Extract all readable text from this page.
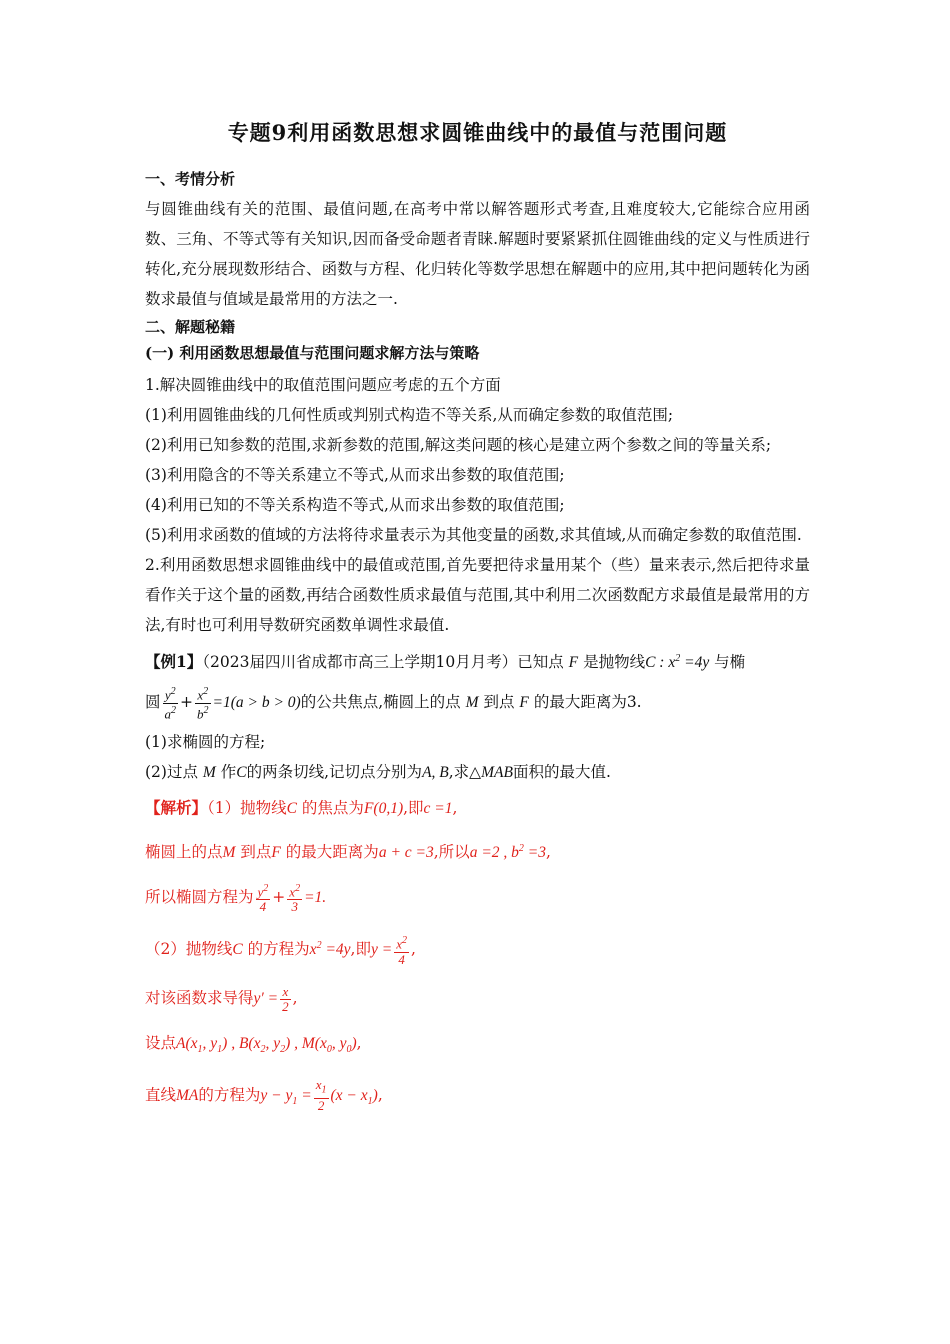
专题9利用函数思想求圆锥曲线中的最值与范围问题
一、考情分析

与圆锥曲线有关的范围、最值问题,在高考中常以解答题形式考查,且难度较大,它能综合应用函数、三角、不等式等有关知识,因而备受命题者青睐.解题时要紧紧抓住圆锥曲线的定义与性质进行转化,充分展现数形结合、函数与方程、化归转化等数学思想在解题中的应用,其中把问题转化为函数求最值与值域是最常用的方法之一.

二、解题秘籍
(一) 利用函数思想最值与范围问题求解方法与策略

1.解决圆锥曲线中的取值范围问题应考虑的五个方面

(1)利用圆锥曲线的几何性质或判别式构造不等关系,从而确定参数的取值范围;

(2)利用已知参数的范围,求新参数的范围,解这类问题的核心是建立两个参数之间的等量关系;

(3)利用隐含的不等关系建立不等式,从而求出参数的取值范围;

(4)利用已知的不等关系构造不等式,从而求出参数的取值范围;

(5)利用求函数的值域的方法将待求量表示为其他变量的函数,求其值域,从而确定参数的取值范围.

2.利用函数思想求圆锥曲线中的最值或范围,首先要把待求量用某个（些）量来表示,然后把待求量看作关于这个量的函数,再结合函数性质求最值与范围,其中利用二次函数配方求最值是最常用的方法,有时也可利用导数研究函数单调性求最值.

【例1】（2023届四川省成都市高三上学期10月月考）已知点 F 是抛物线C : $x^2 =4y$ 与椭

圆 $\frac{y^2}{a^2} + \frac{x^2}{b^2} =1(a > b > 0)$的公共焦点,椭圆上的点 M 到点 F 的最大距离为3.

(1)求椭圆的方程;

(2)过点 M 作C的两条切线,记切点分别为A, B,求△MAB面积的最大值.

【解析】（1）抛物线C 的焦点为F(0,1),即c =1,

椭圆上的点M 到点F 的最大距离为a + c =3,所以a =2 , $b^2 =3$,

所以椭圆方程为 $\frac{y^2}{4} + \frac{x^2}{3} =1$.

（2）抛物线C 的方程为$x^2 =4y$,即$y = \frac{x^2}{4}$ ,

对该函数求导得$y' = \frac{x}{2}$ ,

设点$A(x_1$, $y_1$) , $B(x_2$, $y_2$) , $M(x_0$, $y_0$),

直线MA的方程为$y - y_1 = \frac{x_1}{2} (x - x_1)$,
